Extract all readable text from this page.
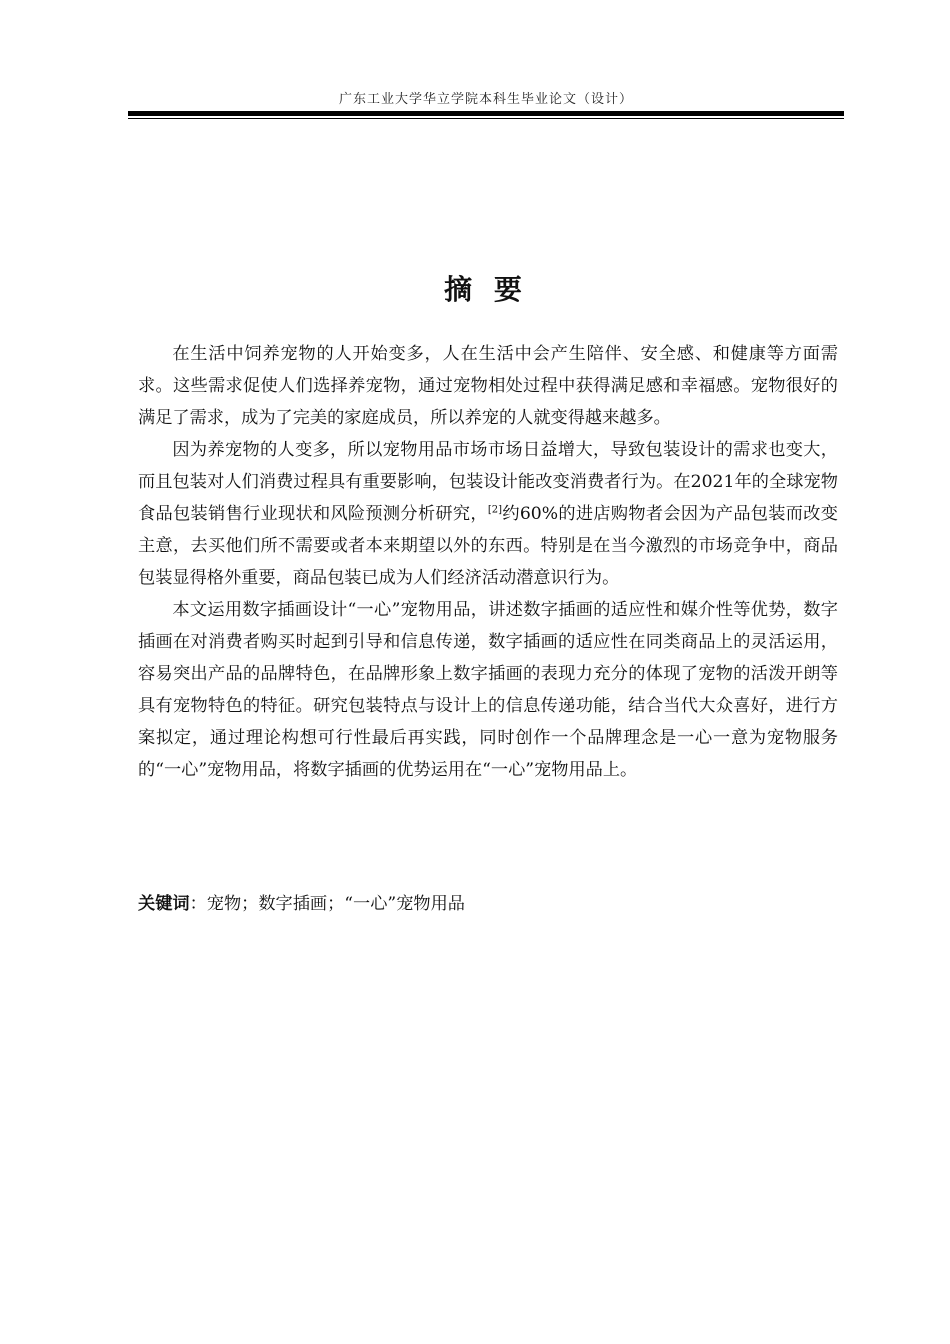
广东工业大学华立学院本科生毕业论文（设计）
摘 要

在生活中饲养宠物的人开始变多，人在生活中会产生陪伴、安全感、和健康等方面需求。这些需求促使人们选择养宠物，通过宠物相处过程中获得满足感和幸福感。宠物很好的满足了需求，成为了完美的家庭成员，所以养宠的人就变得越来越多。

因为养宠物的人变多，所以宠物用品市场市场日益增大，导致包装设计的需求也变大，而且包装对人们消费过程具有重要影响，包装设计能改变消费者行为。在2021年的全球宠物食品包装销售行业现状和风险预测分析研究，[2]约60%的进店购物者会因为产品包装而改变主意，去买他们所不需要或者本来期望以外的东西。特别是在当今激烈的市场竞争中，商品包装显得格外重要，商品包装已成为人们经济活动潜意识行为。

本文运用数字插画设计“一心”宠物用品，讲述数字插画的适应性和媒介性等优势，数字插画在对消费者购买时起到引导和信息传递，数字插画的适应性在同类商品上的灵活运用，容易突出产品的品牌特色，在品牌形象上数字插画的表现力充分的体现了宠物的活泼开朗等具有宠物特色的特征。研究包装特点与设计上的信息传递功能，结合当代大众喜好，进行方案拟定，通过理论构想可行性最后再实践，同时创作一个品牌理念是一心一意为宠物服务的“一心”宠物用品，将数字插画的优势运用在“一心”宠物用品上。

关键词：宠物；数字插画；“一心”宠物用品
